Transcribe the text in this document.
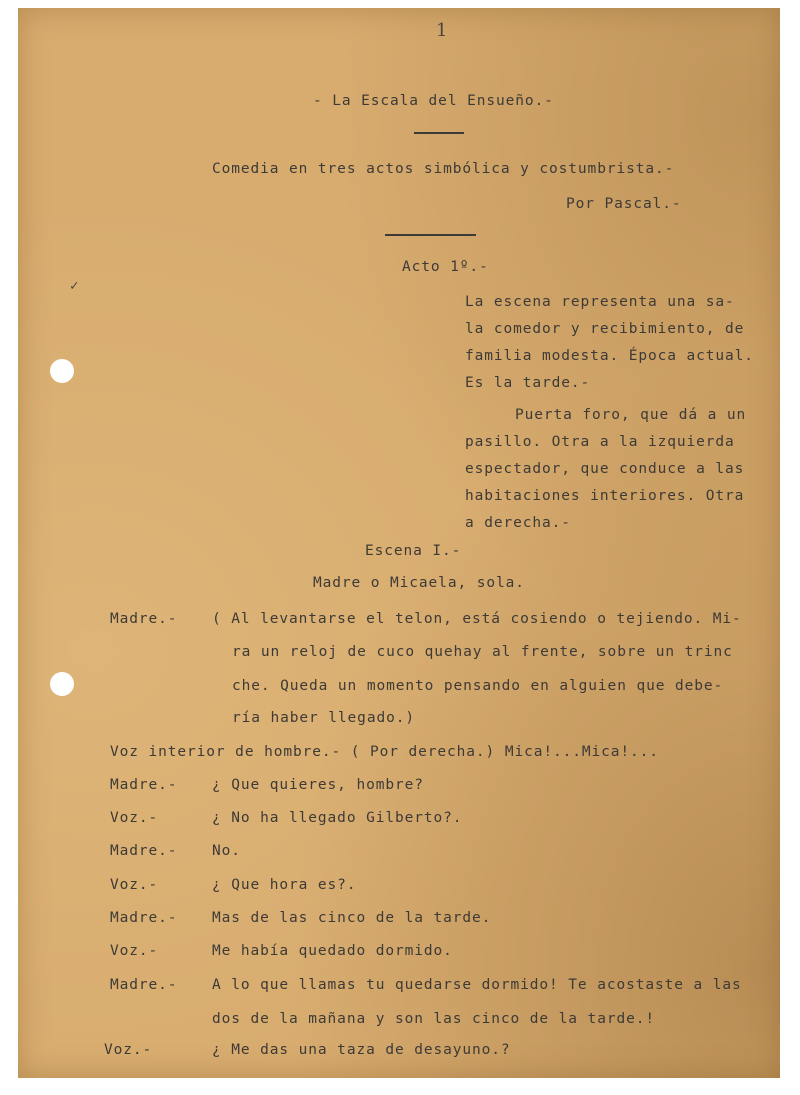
1
✓
- La Escala del Ensueño.-
Comedia en tres actos simbólica y costumbrista.-
Por Pascal.-
Acto 1º.-
La escena representa una sa-
la comedor y recibimiento, de
familia modesta. Época actual.
Es la tarde.-
Puerta foro, que dá a un
pasillo. Otra a la izquierda
espectador, que conduce a las
habitaciones interiores. Otra
a derecha.-
Escena I.-
Madre o Micaela, sola.
Madre.- ( Al levantarse el telon, está cosiendo o tejiendo. Mi-
ra un reloj de cuco quehay al frente, sobre un trinc
che. Queda un momento pensando en alguien que debe-
ría haber llegado.)
Voz interior de hombre.- ( Por derecha.) Mica!...Mica!...
Madre.- ¿ Que quieres, hombre?
Voz.-	¿ No ha llegado Gilberto?.
Madre.- No.
Voz.-	¿ Que hora es?.
Madre.- Mas de las cinco de la tarde.
Voz.-	Me había quedado dormido.
Madre.- A lo que llamas tu quedarse dormido! Te acostaste a las
dos de la mañana y son las cinco de la tarde.!
Voz.-	¿ Me das una taza de desayuno.?
